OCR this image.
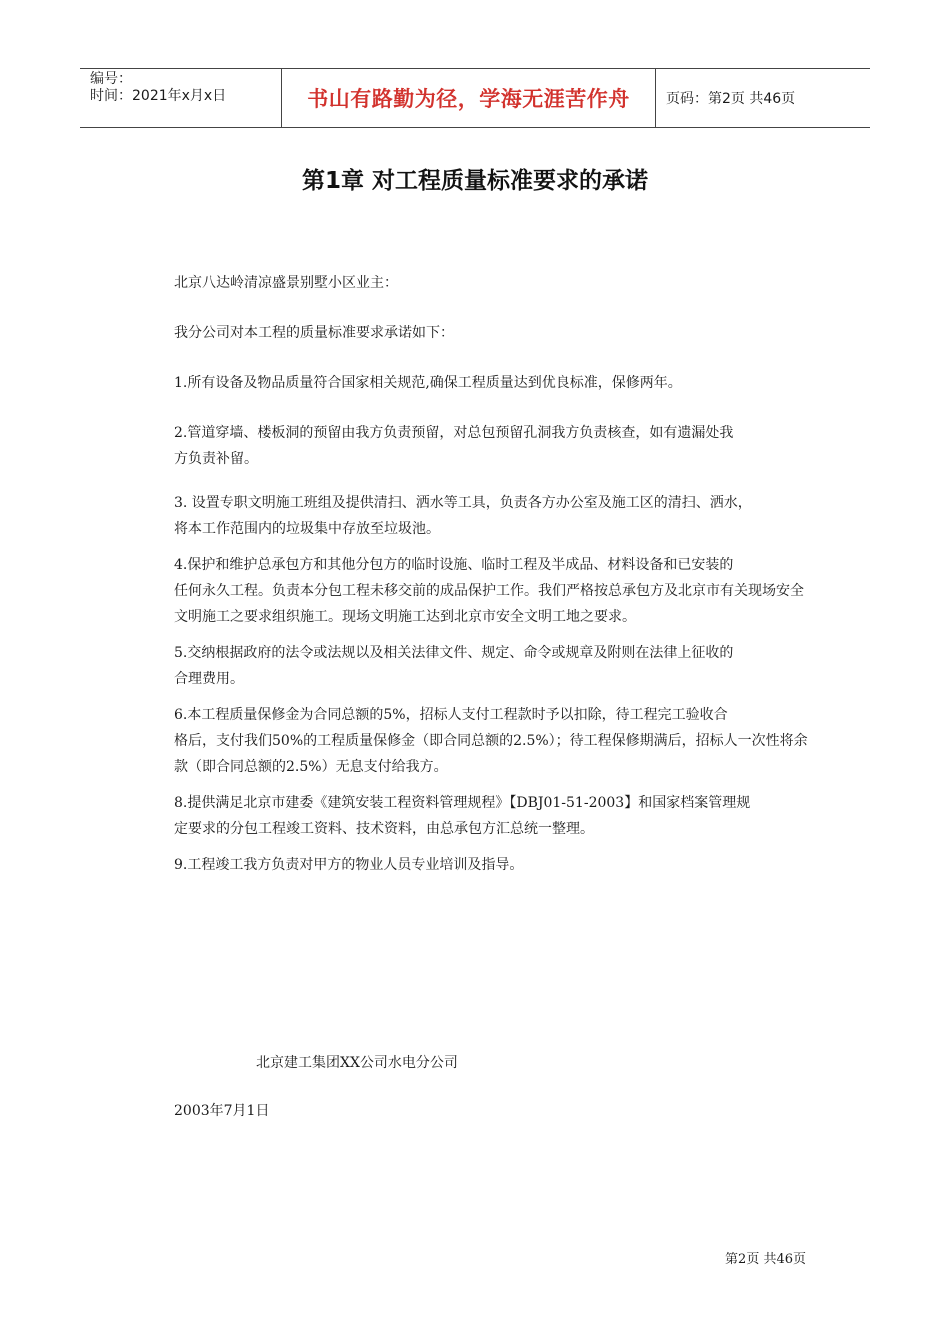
编号：
时间：2021年x月x日	书山有路勤为径，学海无涯苦作舟	页码：第2页 共46页
第1章 对工程质量标准要求的承诺

北京八达岭清凉盛景别墅小区业主：

我分公司对本工程的质量标准要求承诺如下：

1.所有设备及物品质量符合国家相关规范,确保工程质量达到优良标准，保修两年。

2.管道穿墙、楼板洞的预留由我方负责预留，对总包预留孔洞我方负责核查，如有遗漏处我

方负责补留。

3. 设置专职文明施工班组及提供清扫、洒水等工具，负责各方办公室及施工区的清扫、洒水，

将本工作范围内的垃圾集中存放至垃圾池。

4.保护和维护总承包方和其他分包方的临时设施、临时工程及半成品、材料设备和已安装的

任何永久工程。负责本分包工程未移交前的成品保护工作。我们严格按总承包方及北京市有关现场安全文明施工之要求组织施工。现场文明施工达到北京市安全文明工地之要求。

5.交纳根据政府的法令或法规以及相关法律文件、规定、命令或规章及附则在法律上征收的

合理费用。

6.本工程质量保修金为合同总额的5%，招标人支付工程款时予以扣除，待工程完工验收合

格后，支付我们50%的工程质量保修金（即合同总额的2.5%）；待工程保修期满后，招标人一次性将余款（即合同总额的2.5%）无息支付给我方。

8.提供满足北京市建委《建筑安装工程资料管理规程》【DBJ01-51-2003】和国家档案管理规

定要求的分包工程竣工资料、技术资料，由总承包方汇总统一整理。

9.工程竣工我方负责对甲方的物业人员专业培训及指导。

北京建工集团XX公司水电分公司
2003年7月1日
第2页 共46页
